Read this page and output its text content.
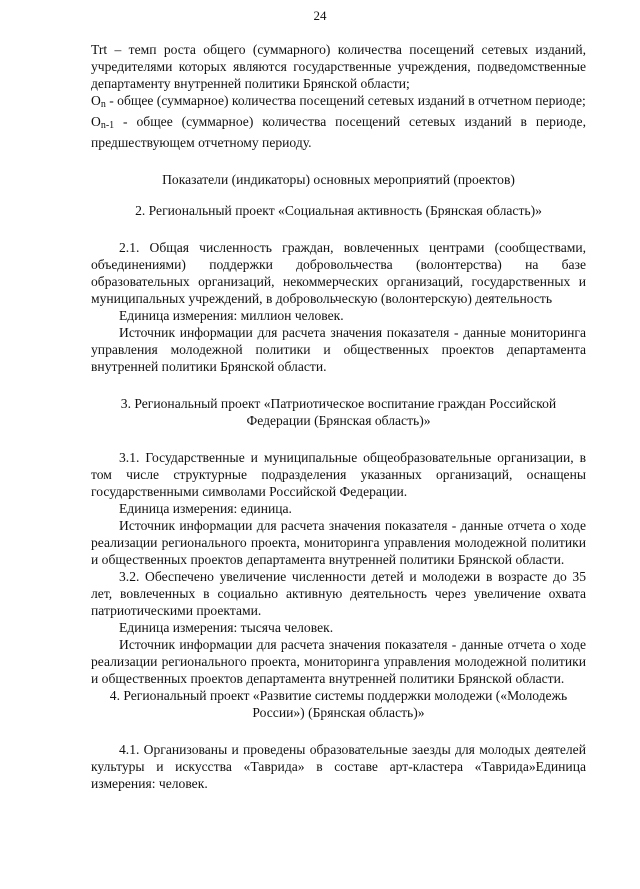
24

Trt – темп роста общего (суммарного) количества посещений сетевых изданий, учредителями которых являются государственные учреждения, подведомственные департаменту внутренней политики Брянской области;

$O_n$ - общее (суммарное) количества посещений сетевых изданий в отчетном периоде;

$O_{n-1}$ - общее (суммарное) количества посещений сетевых изданий в периоде, предшествующем отчетному периоду.

Показатели (индикаторы) основных мероприятий (проектов)

2. Региональный проект «Социальная активность (Брянская область)»

2.1. Общая численность граждан, вовлеченных центрами (сообществами, объединениями) поддержки добровольчества (волонтерства) на базе образовательных организаций, некоммерческих организаций, государственных и муниципальных учреждений, в добровольческую (волонтерскую) деятельность

Единица измерения: миллион человек.

Источник информации для расчета значения показателя - данные мониторинга управления молодежной политики и общественных проектов департамента внутренней политики Брянской области.

3. Региональный проект «Патриотическое воспитание граждан Российской Федерации (Брянская область)»

3.1. Государственные и муниципальные общеобразовательные организации, в том числе структурные подразделения указанных организаций, оснащены государственными символами Российской Федерации.

Единица измерения: единица.

Источник информации для расчета значения показателя - данные отчета о ходе реализации регионального проекта, мониторинга управления молодежной политики и общественных проектов департамента внутренней политики Брянской области.

3.2. Обеспечено увеличение численности детей и молодежи в возрасте до 35 лет, вовлеченных в социально активную деятельность через увеличение охвата патриотическими проектами.

Единица измерения: тысяча человек.

Источник информации для расчета значения показателя - данные отчета о ходе реализации регионального проекта, мониторинга управления молодежной политики и общественных проектов департамента внутренней политики Брянской области.

4. Региональный проект «Развитие системы поддержки молодежи («Молодежь России») (Брянская область)»

4.1. Организованы и проведены образовательные заезды для молодых деятелей культуры и искусства «Таврида» в составе арт-кластера «Таврида»Единица измерения: человек.
